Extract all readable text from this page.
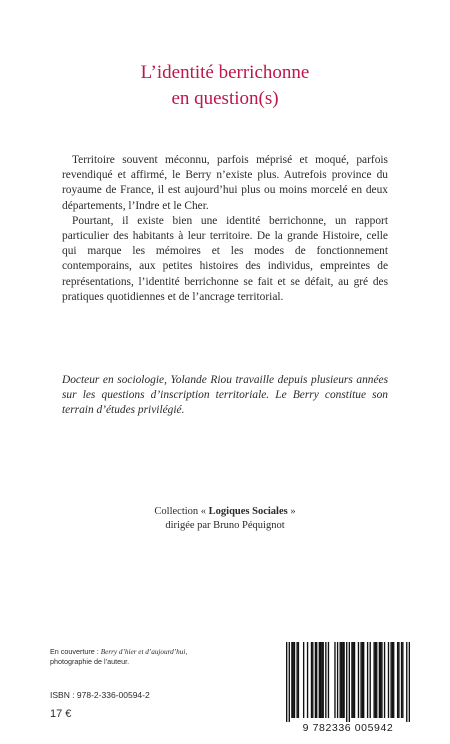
L’identité berrichonne
en question(s)

Territoire souvent méconnu, parfois méprisé et moqué, parfois revendiqué et affirmé, le Berry n’existe plus. Autrefois province du royaume de France, il est aujourd’hui plus ou moins morcelé en deux départements, l’Indre et le Cher.

Pourtant, il existe bien une identité berrichonne, un rapport particulier des habitants à leur territoire. De la grande Histoire, celle qui marque les mémoires et les modes de fonctionnement contemporains, aux petites histoires des individus, empreintes de représentations, l’identité berrichonne se fait et se défait, au gré des pratiques quotidiennes et de l’ancrage territorial.

Docteur en sociologie, Yolande Riou travaille depuis plusieurs années sur les questions d’inscription territoriale. Le Berry constitue son terrain d’études privilégié.
Collection « Logiques Sociales »
dirigée par Bruno Péquignot
En couverture : Berry d’hier et d’aujourd’hui,
photographie de l’auteur.
ISBN : 978-2-336-00594-2
17 €
9 782336 005942
